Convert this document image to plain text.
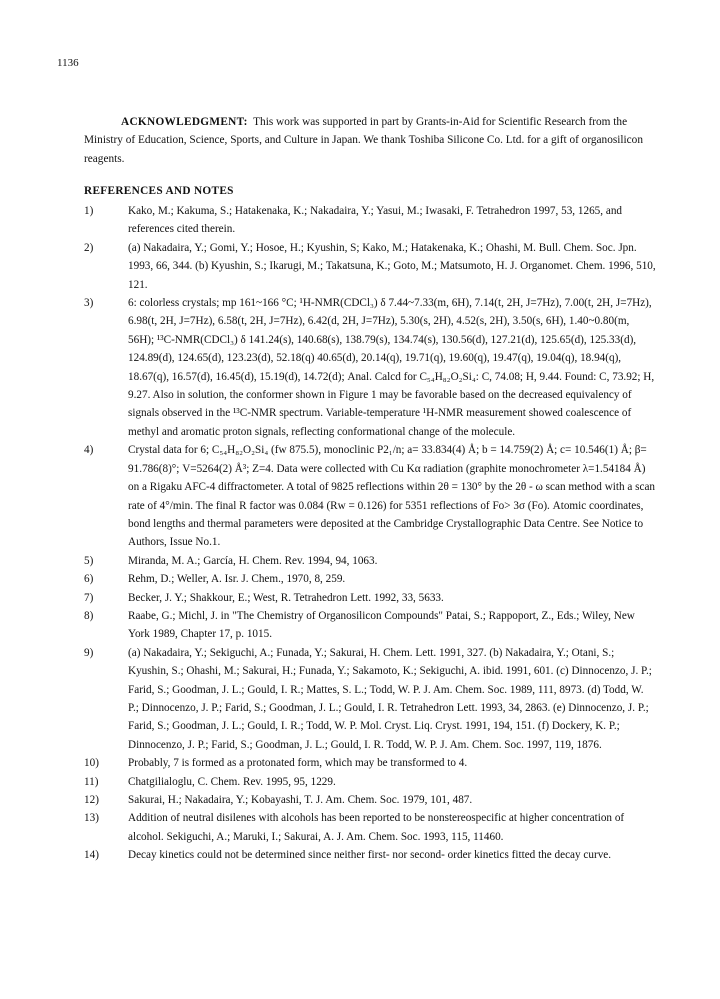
1136
ACKNOWLEDGMENT: This work was supported in part by Grants-in-Aid for Scientific Research from the Ministry of Education, Science, Sports, and Culture in Japan. We thank Toshiba Silicone Co. Ltd. for a gift of organosilicon reagents.
REFERENCES AND NOTES
1)	Kako, M.; Kakuma, S.; Hatakenaka, K.; Nakadaira, Y.; Yasui, M.; Iwasaki, F. Tetrahedron 1997, 53, 1265, and references cited therein.
2)	(a) Nakadaira, Y.; Gomi, Y.; Hosoe, H.; Kyushin, S; Kako, M.; Hatakenaka, K.; Ohashi, M. Bull. Chem. Soc. Jpn. 1993, 66, 344. (b) Kyushin, S.; Ikarugi, M.; Takatsuna, K.; Goto, M.; Matsumoto, H. J. Organomet. Chem. 1996, 510, 121.
3)	6: colorless crystals; mp 161~166 °C; ¹H-NMR(CDCl₃) δ 7.44~7.33(m, 6H), 7.14(t, 2H, J=7Hz), 7.00(t, 2H, J=7Hz), 6.98(t, 2H, J=7Hz), 6.58(t, 2H, J=7Hz), 6.42(d, 2H, J=7Hz), 5.30(s, 2H), 4.52(s, 2H), 3.50(s, 6H), 1.40~0.80(m, 56H); ¹³C-NMR(CDCl₃) δ 141.24(s), 140.68(s), 138.79(s), 134.74(s), 130.56(d), 127.21(d), 125.65(d), 125.33(d), 124.89(d), 124.65(d), 123.23(d), 52.18(q) 40.65(d), 20.14(q), 19.71(q), 19.60(q), 19.47(q), 19.04(q), 18.94(q), 18.67(q), 16.57(d), 16.45(d), 15.19(d), 14.72(d); Anal. Calcd for C₅₄H₈₂O₂Si₄: C, 74.08; H, 9.44. Found: C, 73.92; H, 9.27. Also in solution, the conformer shown in Figure 1 may be favorable based on the decreased equivalency of signals observed in the ¹³C-NMR spectrum. Variable-temperature ¹H-NMR measurement showed coalescence of methyl and aromatic proton signals, reflecting conformational change of the molecule.
4)	Crystal data for 6; C₅₄H₈₂O₂Si₄ (fw 875.5), monoclinic P2₁/n; a= 33.834(4) Å; b = 14.759(2) Å; c= 10.546(1) Å; β= 91.786(8)°; V=5264(2) Å³; Z=4. Data were collected with Cu Kα radiation (graphite monochrometer λ=1.54184 Å) on a Rigaku AFC-4 diffractometer. A total of 9825 reflections within 2θ = 130° by the 2θ - ω scan method with a scan rate of 4°/min. The final R factor was 0.084 (Rw = 0.126) for 5351 reflections of Fo> 3σ (Fo). Atomic coordinates, bond lengths and thermal parameters were deposited at the Cambridge Crystallographic Data Centre. See Notice to Authors, Issue No.1.
5)	Miranda, M. A.; García, H. Chem. Rev. 1994, 94, 1063.
6)	Rehm, D.; Weller, A. Isr. J. Chem., 1970, 8, 259.
7)	Becker, J. Y.; Shakkour, E.; West, R. Tetrahedron Lett. 1992, 33, 5633.
8)	Raabe, G.; Michl, J. in "The Chemistry of Organosilicon Compounds" Patai, S.; Rappoport, Z., Eds.; Wiley, New York 1989, Chapter 17, p. 1015.
9)	(a) Nakadaira, Y.; Sekiguchi, A.; Funada, Y.; Sakurai, H. Chem. Lett. 1991, 327. (b) Nakadaira, Y.; Otani, S.; Kyushin, S.; Ohashi, M.; Sakurai, H.; Funada, Y.; Sakamoto, K.; Sekiguchi, A. ibid. 1991, 601. (c) Dinnocenzo, J. P.; Farid, S.; Goodman, J. L.; Gould, I. R.; Mattes, S. L.; Todd, W. P. J. Am. Chem. Soc. 1989, 111, 8973. (d) Todd, W. P.; Dinnocenzo, J. P.; Farid, S.; Goodman, J. L.; Gould, I. R. Tetrahedron Lett. 1993, 34, 2863. (e) Dinnocenzo, J. P.; Farid, S.; Goodman, J. L.; Gould, I. R.; Todd, W. P. Mol. Cryst. Liq. Cryst. 1991, 194, 151. (f) Dockery, K. P.; Dinnocenzo, J. P.; Farid, S.; Goodman, J. L.; Gould, I. R. Todd, W. P. J. Am. Chem. Soc. 1997, 119, 1876.
10)	Probably, 7 is formed as a protonated form, which may be transformed to 4.
11)	Chatgilialoglu, C. Chem. Rev. 1995, 95, 1229.
12)	Sakurai, H.; Nakadaira, Y.; Kobayashi, T. J. Am. Chem. Soc. 1979, 101, 487.
13)	Addition of neutral disilenes with alcohols has been reported to be nonstereospecific at higher concentration of alcohol. Sekiguchi, A.; Maruki, I.; Sakurai, A. J. Am. Chem. Soc. 1993, 115, 11460.
14)	Decay kinetics could not be determined since neither first- nor second- order kinetics fitted the decay curve.
